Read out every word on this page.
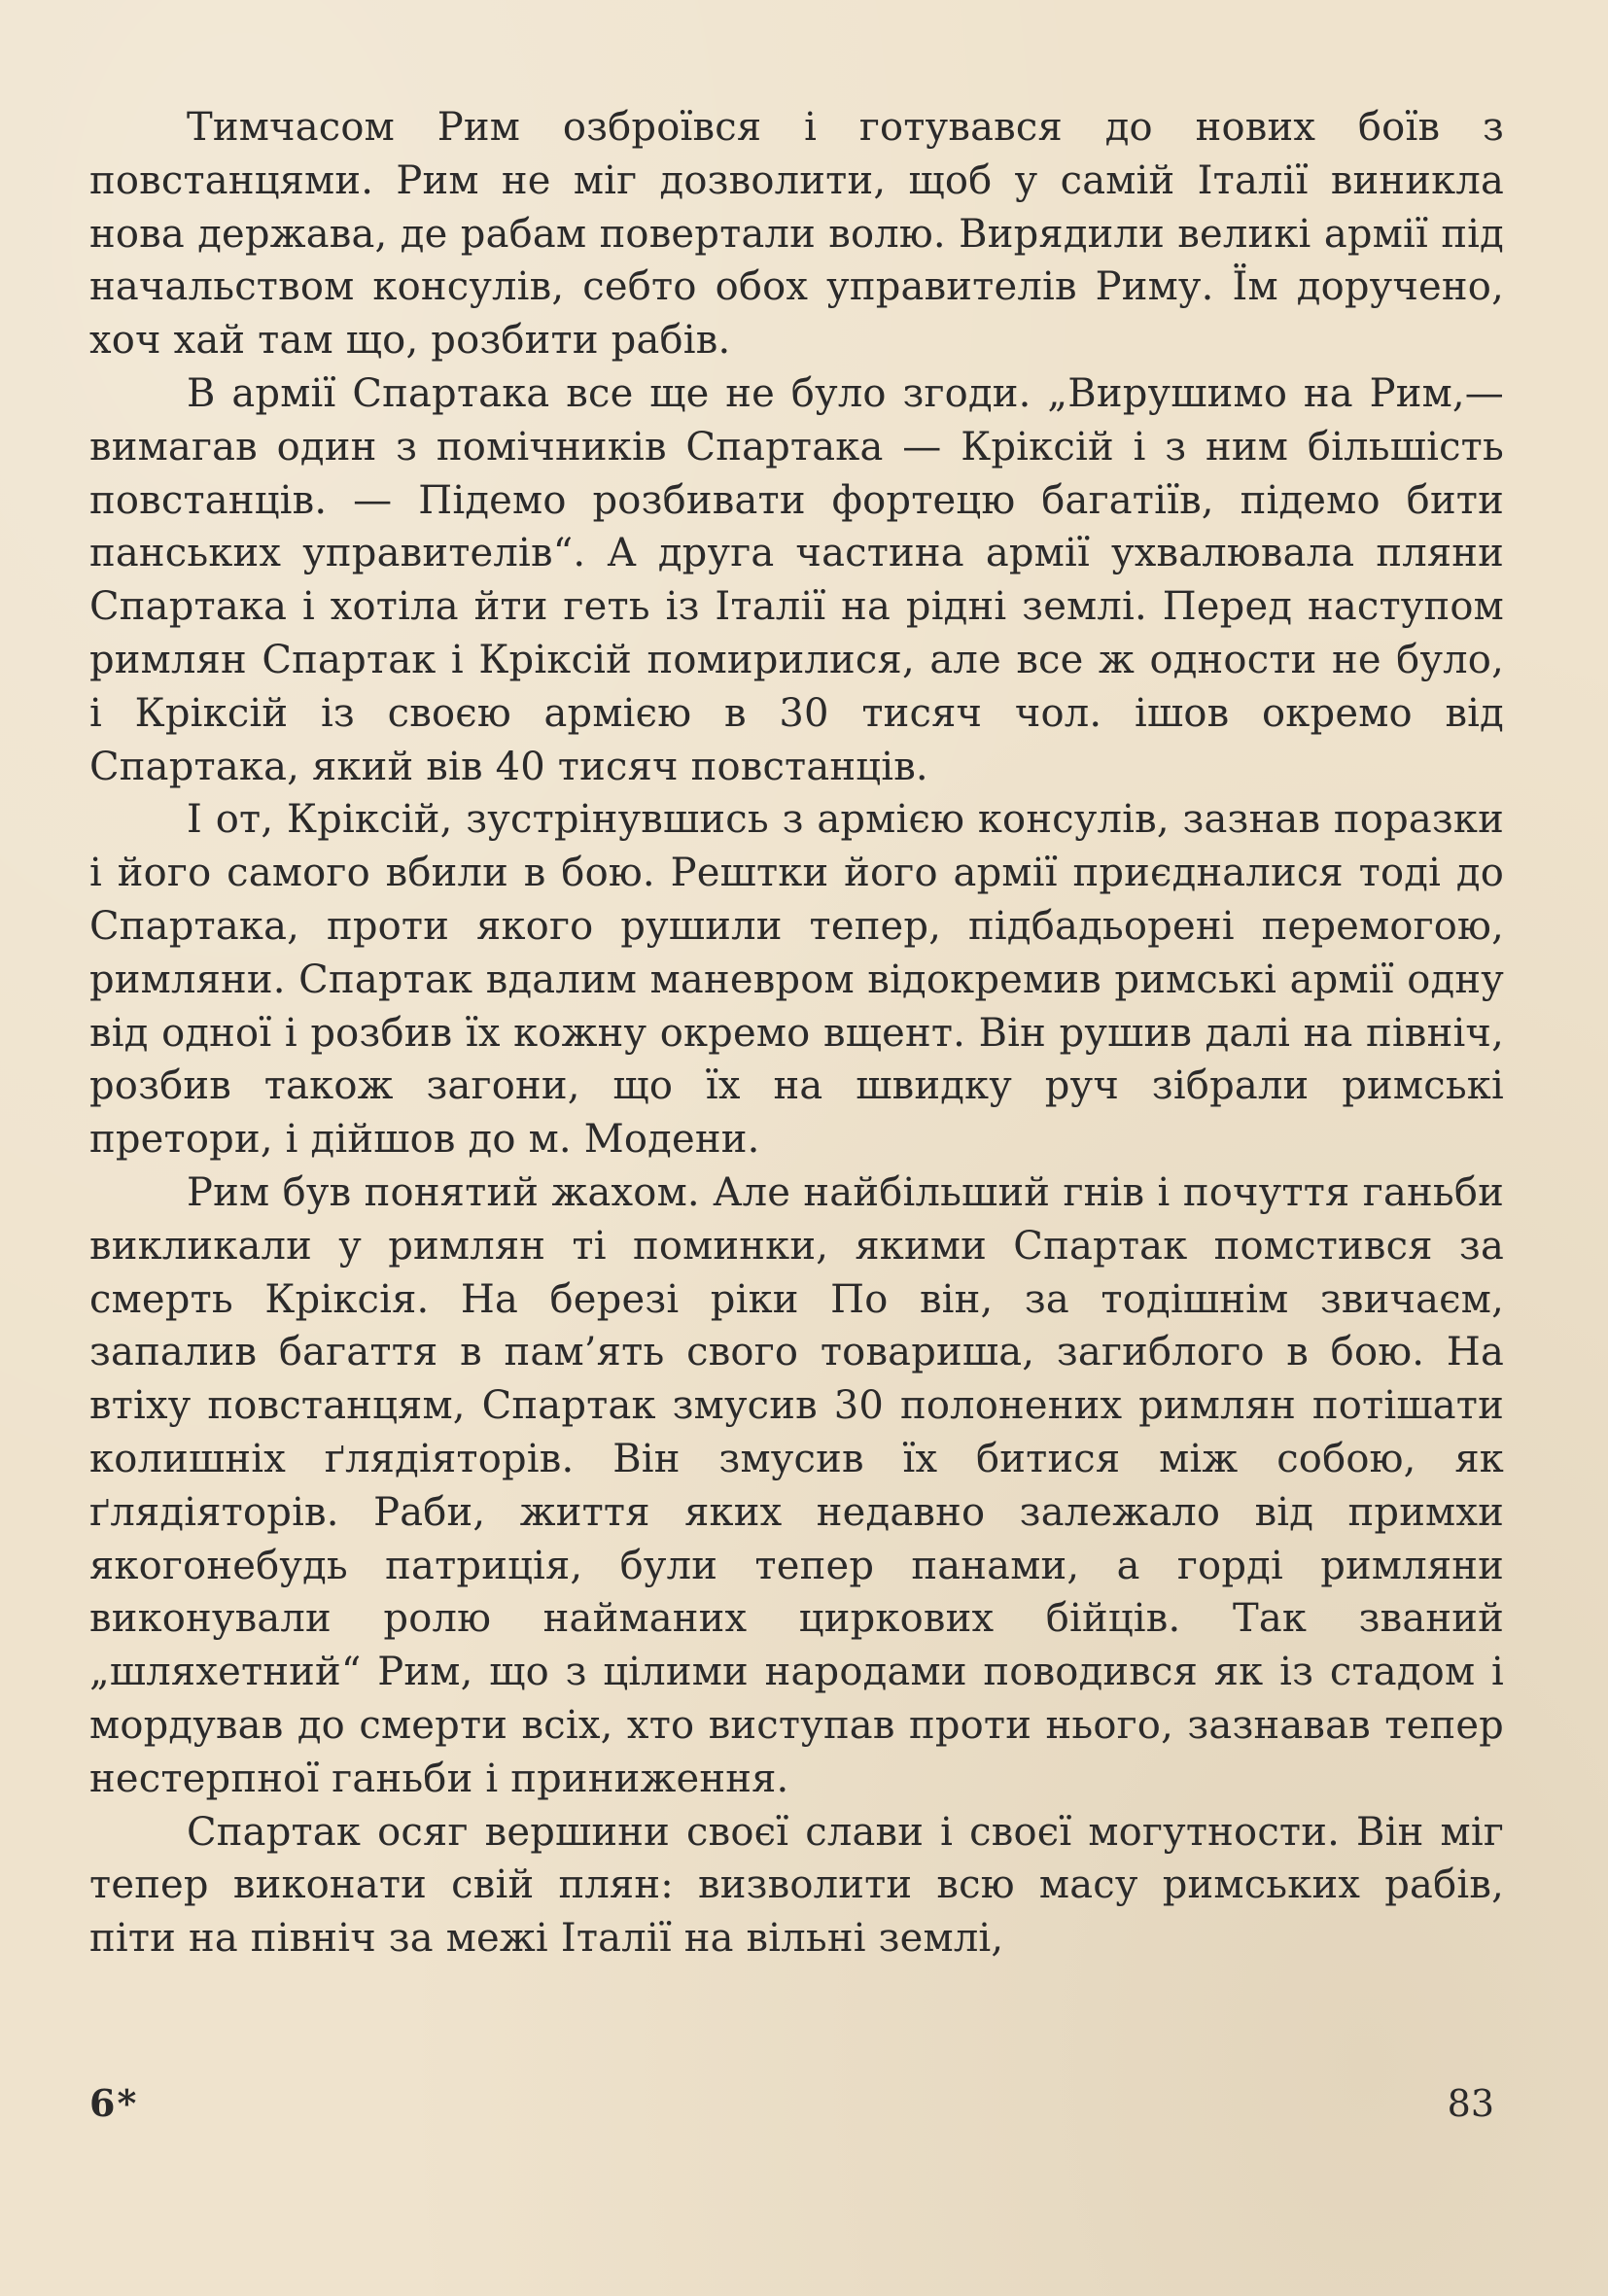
Тимчасом Рим озброївся і готувався до нових боїв з повстанцями. Рим не міг дозволити, щоб у самій Італії виникла нова держава, де рабам повертали волю. Вирядили великі армії під начальством консулів, себто обох управителів Риму. Їм доручено, хоч хай там що, розбити рабів.

В армії Спартака все ще не було згоди. „Вирушимо на Рим,— вимагав один з помічників Спартака — Кріксій і з ним більшість повстанців. — Підемо розбивати фортецю багатіїв, підемо бити панських управителів“. А друга частина армії ухвалювала пляни Спартака і хотіла йти геть із Італії на рідні землі. Перед наступом римлян Спартак і Кріксій помирилися, але все ж одности не було, і Кріксій із своєю армією в 30 тисяч чол. ішов окремо від Спартака, який вів 40 тисяч повстанців.

І от, Кріксій, зустрінувшись з армією консулів, зазнав поразки і його самого вбили в бою. Рештки його армії приєдналися тоді до Спартака, проти якого рушили тепер, підбадьорені перемогою, римляни. Спартак вдалим маневром відокремив римські армії одну від одної і розбив їх кожну окремо вщент. Він рушив далі на північ, розбив також загони, що їх на швидку руч зібрали римські претори, і дійшов до м. Модени.

Рим був понятий жахом. Але найбільший гнів і почуття ганьби викликали у римлян ті поминки, якими Спартак помстився за смерть Кріксія. На березі ріки По він, за тодішнім звичаєм, запалив багаття в пам’ять свого товариша, загиблого в бою. На втіху повстанцям, Спартак змусив 30 полонених римлян потішати колишніх ґлядіяторів. Він змусив їх битися між собою, як ґлядіяторів. Раби, життя яких недавно залежало від примхи якогонебудь патриція, були тепер панами, а горді римляни виконували ролю найманих циркових бійців. Так званий „шляхетний“ Рим, що з цілими народами поводився як із стадом і мордував до смерти всіх, хто виступав проти нього, зазнавав тепер нестерпної ганьби і приниження.

Спартак осяг вершини своєї слави і своєї могутности. Він міг тепер виконати свій плян: визволити всю масу римських рабів, піти на північ за межі Італії на вільні землі,

6*	83
